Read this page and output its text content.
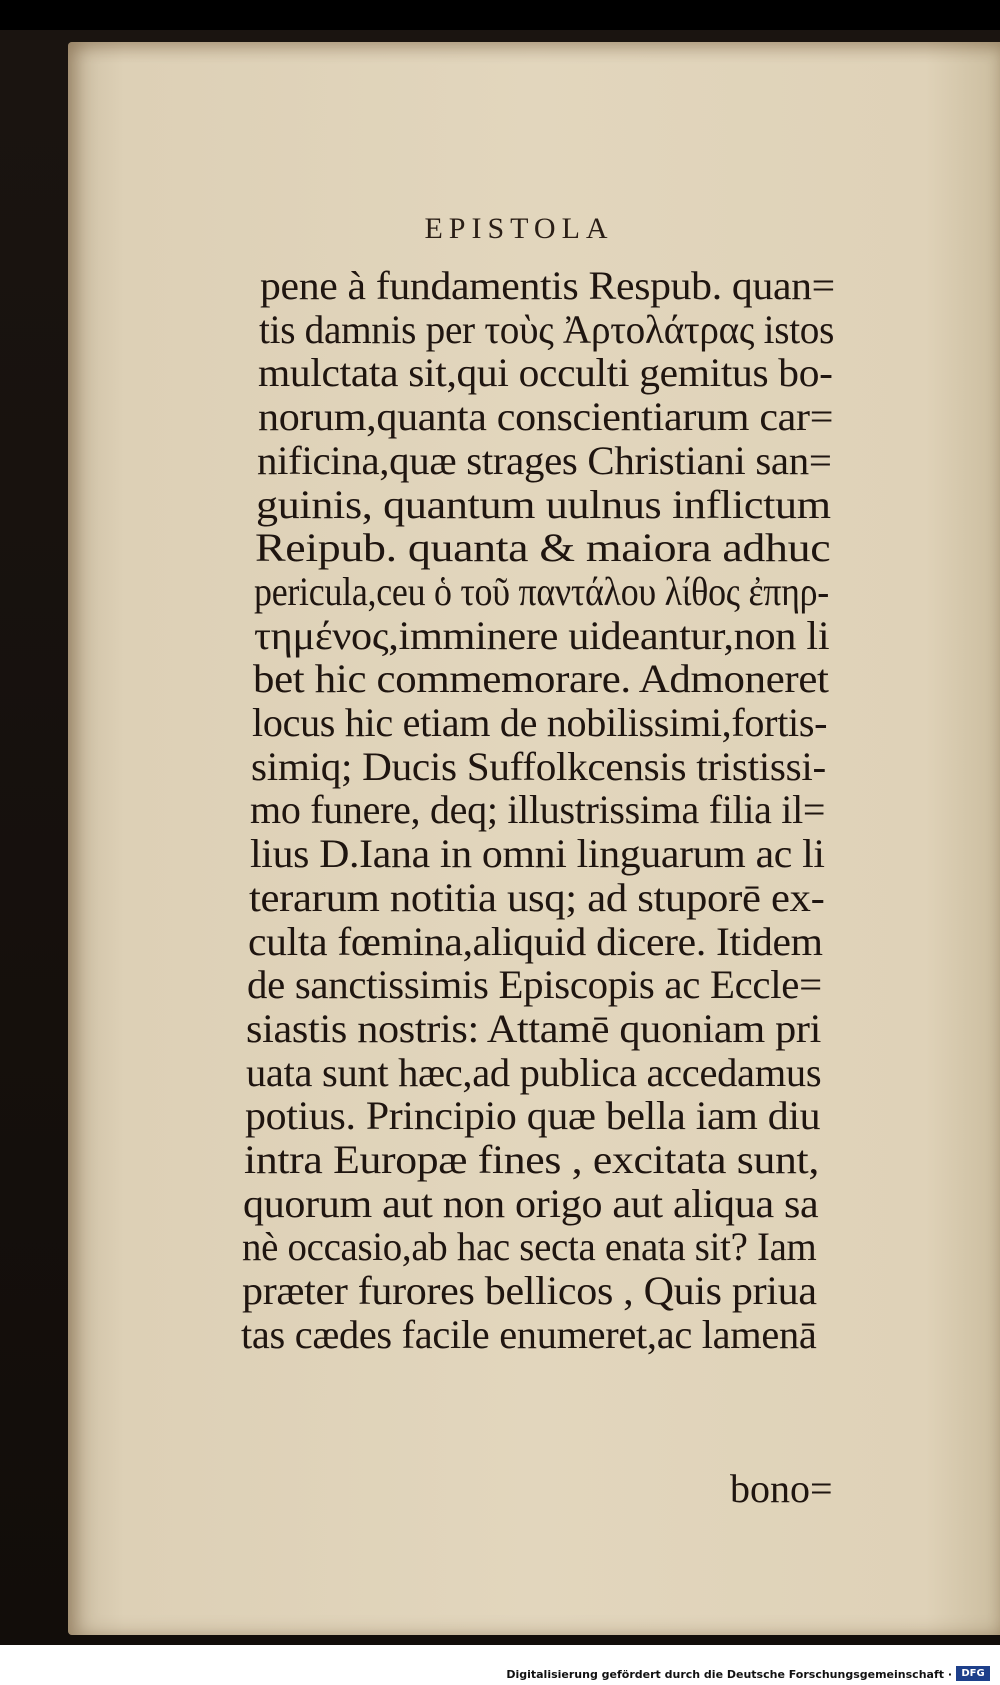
EPISTOLA
pene à fundamentis Respub. quan=
tis damnis per τοὺς Ἀρτολάτρας istos
mulctata sit,qui occulti gemitus bo-
norum,quanta conscientiarum car=
nificina,quæ strages Christiani san=
guinis, quantum uulnus inflictum
Reipub. quanta & maiora adhuc
pericula,ceu ὁ τοῦ παντάλου λίθος ἐπηρ-
τημένος,imminere uideantur,non li
bet hic commemorare. Admoneret
locus hic etiam de nobilissimi,fortis-
simiq; Ducis Suffolkcensis tristissi-
mo funere, deq; illustrissima filia il=
lius D.Iana in omni linguarum ac li
terarum notitia usq; ad stuporē ex-
culta fœmina,aliquid dicere. Itidem
de sanctissimis Episcopis ac Eccle=
siastis nostris: Attamē quoniam pri
uata sunt hæc,ad publica accedamus
potius. Principio quæ bella iam diu
intra Europæ fines , excitata sunt,
quorum aut non origo aut aliqua sa
nè occasio,ab hac secta enata sit? Iam
præter furores bellicos , Quis priua
tas cædes facile enumeret,ac lamenā
bono=
Digitalisierung gefördert durch die Deutsche Forschungsgemeinschaft · DFG
